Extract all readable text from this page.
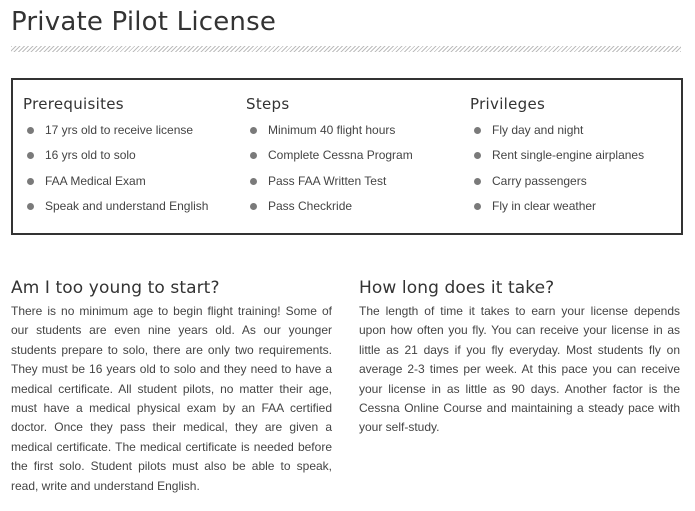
Private Pilot License
Prerequisites
17 yrs old to receive license
16 yrs old to solo
FAA Medical Exam
Speak and understand English
Steps
Minimum 40 flight hours
Complete Cessna Program
Pass FAA Written Test
Pass Checkride
Privileges
Fly day and night
Rent single-engine airplanes
Carry passengers
Fly in clear weather
Am I too young to start?

There is no minimum age to begin flight training! Some of our students are even nine years old. As our younger students prepare to solo, there are only two requirements. They must be 16 years old to solo and they need to have a medical certificate. All student pilots, no matter their age, must have a medical physical exam by an FAA certified doctor. Once they pass their medical, they are given a medical certificate. The medical certificate is needed before the first solo. Student pilots must also be able to speak, read, write and understand English.

How long does it take?

The length of time it takes to earn your license depends upon how often you fly. You can receive your license in as little as 21 days if you fly everyday. Most students fly on average 2-3 times per week. At this pace you can receive your license in as little as 90 days. Another factor is the Cessna Online Course and maintaining a steady pace with your self-study.
